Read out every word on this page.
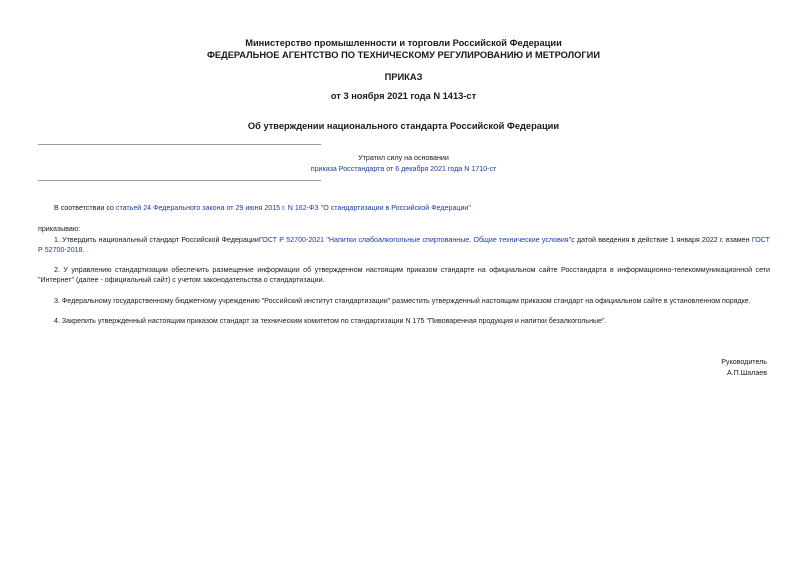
Министерство промышленности и торговли Российской Федерации
ФЕДЕРАЛЬНОЕ АГЕНТСТВО ПО ТЕХНИЧЕСКОМУ РЕГУЛИРОВАНИЮ И МЕТРОЛОГИИ
ПРИКАЗ
от 3 ноября 2021 года N 1413-ст
Об утверждении национального стандарта Российской Федерации
Утратил силу на основании
приказа Росстандарта от 6 декабря 2021 года N 1710-ст
В соответствии со статьей 24 Федерального закона от 29 июня 2015 г. N 162-ФЗ "О стандартизации в Российской Федерации"
приказываю:
1. Утвердить национальный стандарт Российской ФедерацииГОСТ Р 52700-2021 "Напитки слабоалкогольные спиртованные. Общие технические условия"с датой введения в действие 1 января 2022 г. взамен ГОСТ Р 52700-2018.
2. У управлению стандартизации обеспечить размещение информации об утвержденном настоящим приказом стандарте на официальном сайте Росстандарта в информационно-телекоммуникационной сети "Интернет" (далее - официальный сайт) с учетом законодательства о стандартизации.
3. Федеральному государственному бюджетному учреждению "Российский институт стандартизации" разместить утвержденный настоящим приказом стандарт на официальном сайте в установленном порядке.
4. Закрепить утвержденный настоящим приказом стандарт за техническим комитетом по стандартизации N 175 "Пивоваренная продукция и напитки безалкогольные".
Руководитель
А.П.Шалаев
